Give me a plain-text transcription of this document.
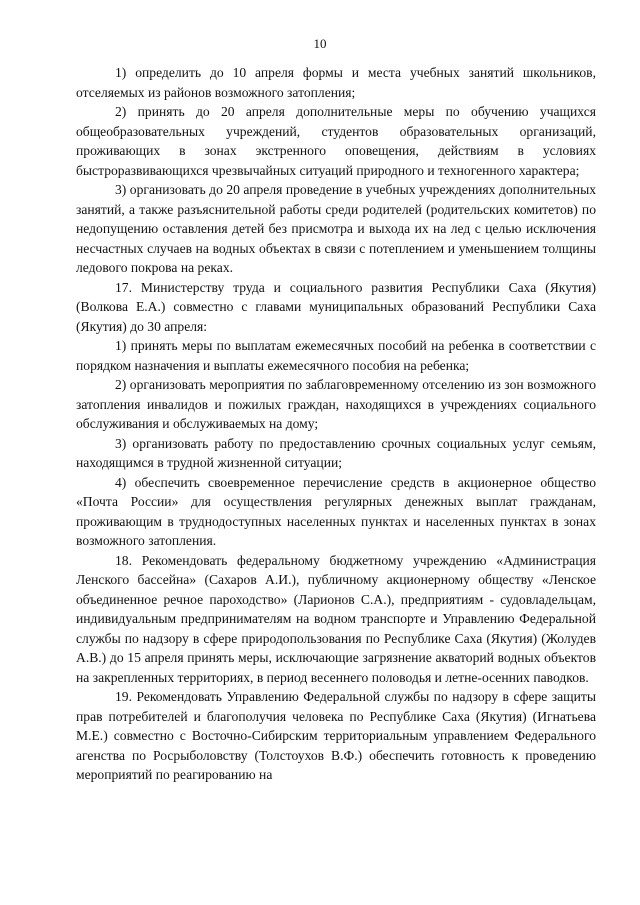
10

1) определить до 10 апреля формы и места учебных занятий школьников, отселяемых из районов возможного затопления;

2) принять до 20 апреля дополнительные меры по обучению учащихся общеобразовательных учреждений, студентов образовательных организаций, проживающих в зонах экстренного оповещения, действиям в условиях быстроразвивающихся чрезвычайных ситуаций природного и техногенного характера;

3) организовать до 20 апреля проведение в учебных учреждениях дополнительных занятий, а также разъяснительной работы среди родителей (родительских комитетов) по недопущению оставления детей без присмотра и выхода их на лед с целью исключения несчастных случаев на водных объектах в связи с потеплением и уменьшением толщины ледового покрова на реках.

17. Министерству труда и социального развития Республики Саха (Якутия) (Волкова Е.А.) совместно с главами муниципальных образований Республики Саха (Якутия) до 30 апреля:

1) принять меры по выплатам ежемесячных пособий на ребенка в соответствии с порядком назначения и выплаты ежемесячного пособия на ребенка;

2) организовать мероприятия по заблаговременному отселению из зон возможного затопления инвалидов и пожилых граждан, находящихся в учреждениях социального обслуживания и обслуживаемых на дому;

3) организовать работу по предоставлению срочных социальных услуг семьям, находящимся в трудной жизненной ситуации;

4) обеспечить своевременное перечисление средств в акционерное общество «Почта России» для осуществления регулярных денежных выплат гражданам, проживающим в труднодоступных населенных пунктах и населенных пунктах в зонах возможного затопления.

18. Рекомендовать федеральному бюджетному учреждению «Администрация Ленского бассейна» (Сахаров А.И.), публичному акционерному обществу «Ленское объединенное речное пароходство» (Ларионов С.А.), предприятиям - судовладельцам, индивидуальным предпринимателям на водном транспорте и Управлению Федеральной службы по надзору в сфере природопользования по Республике Саха (Якутия) (Жолудев А.В.) до 15 апреля принять меры, исключающие загрязнение акваторий водных объектов на закрепленных территориях, в период весеннего половодья и летне-осенних паводков.

19. Рекомендовать Управлению Федеральной службы по надзору в сфере защиты прав потребителей и благополучия человека по Республике Саха (Якутия) (Игнатьева М.Е.) совместно с Восточно-Сибирским территориальным управлением Федерального агенства по Росрыболовству (Толстоухов В.Ф.) обеспечить готовность к проведению мероприятий по реагированию на
